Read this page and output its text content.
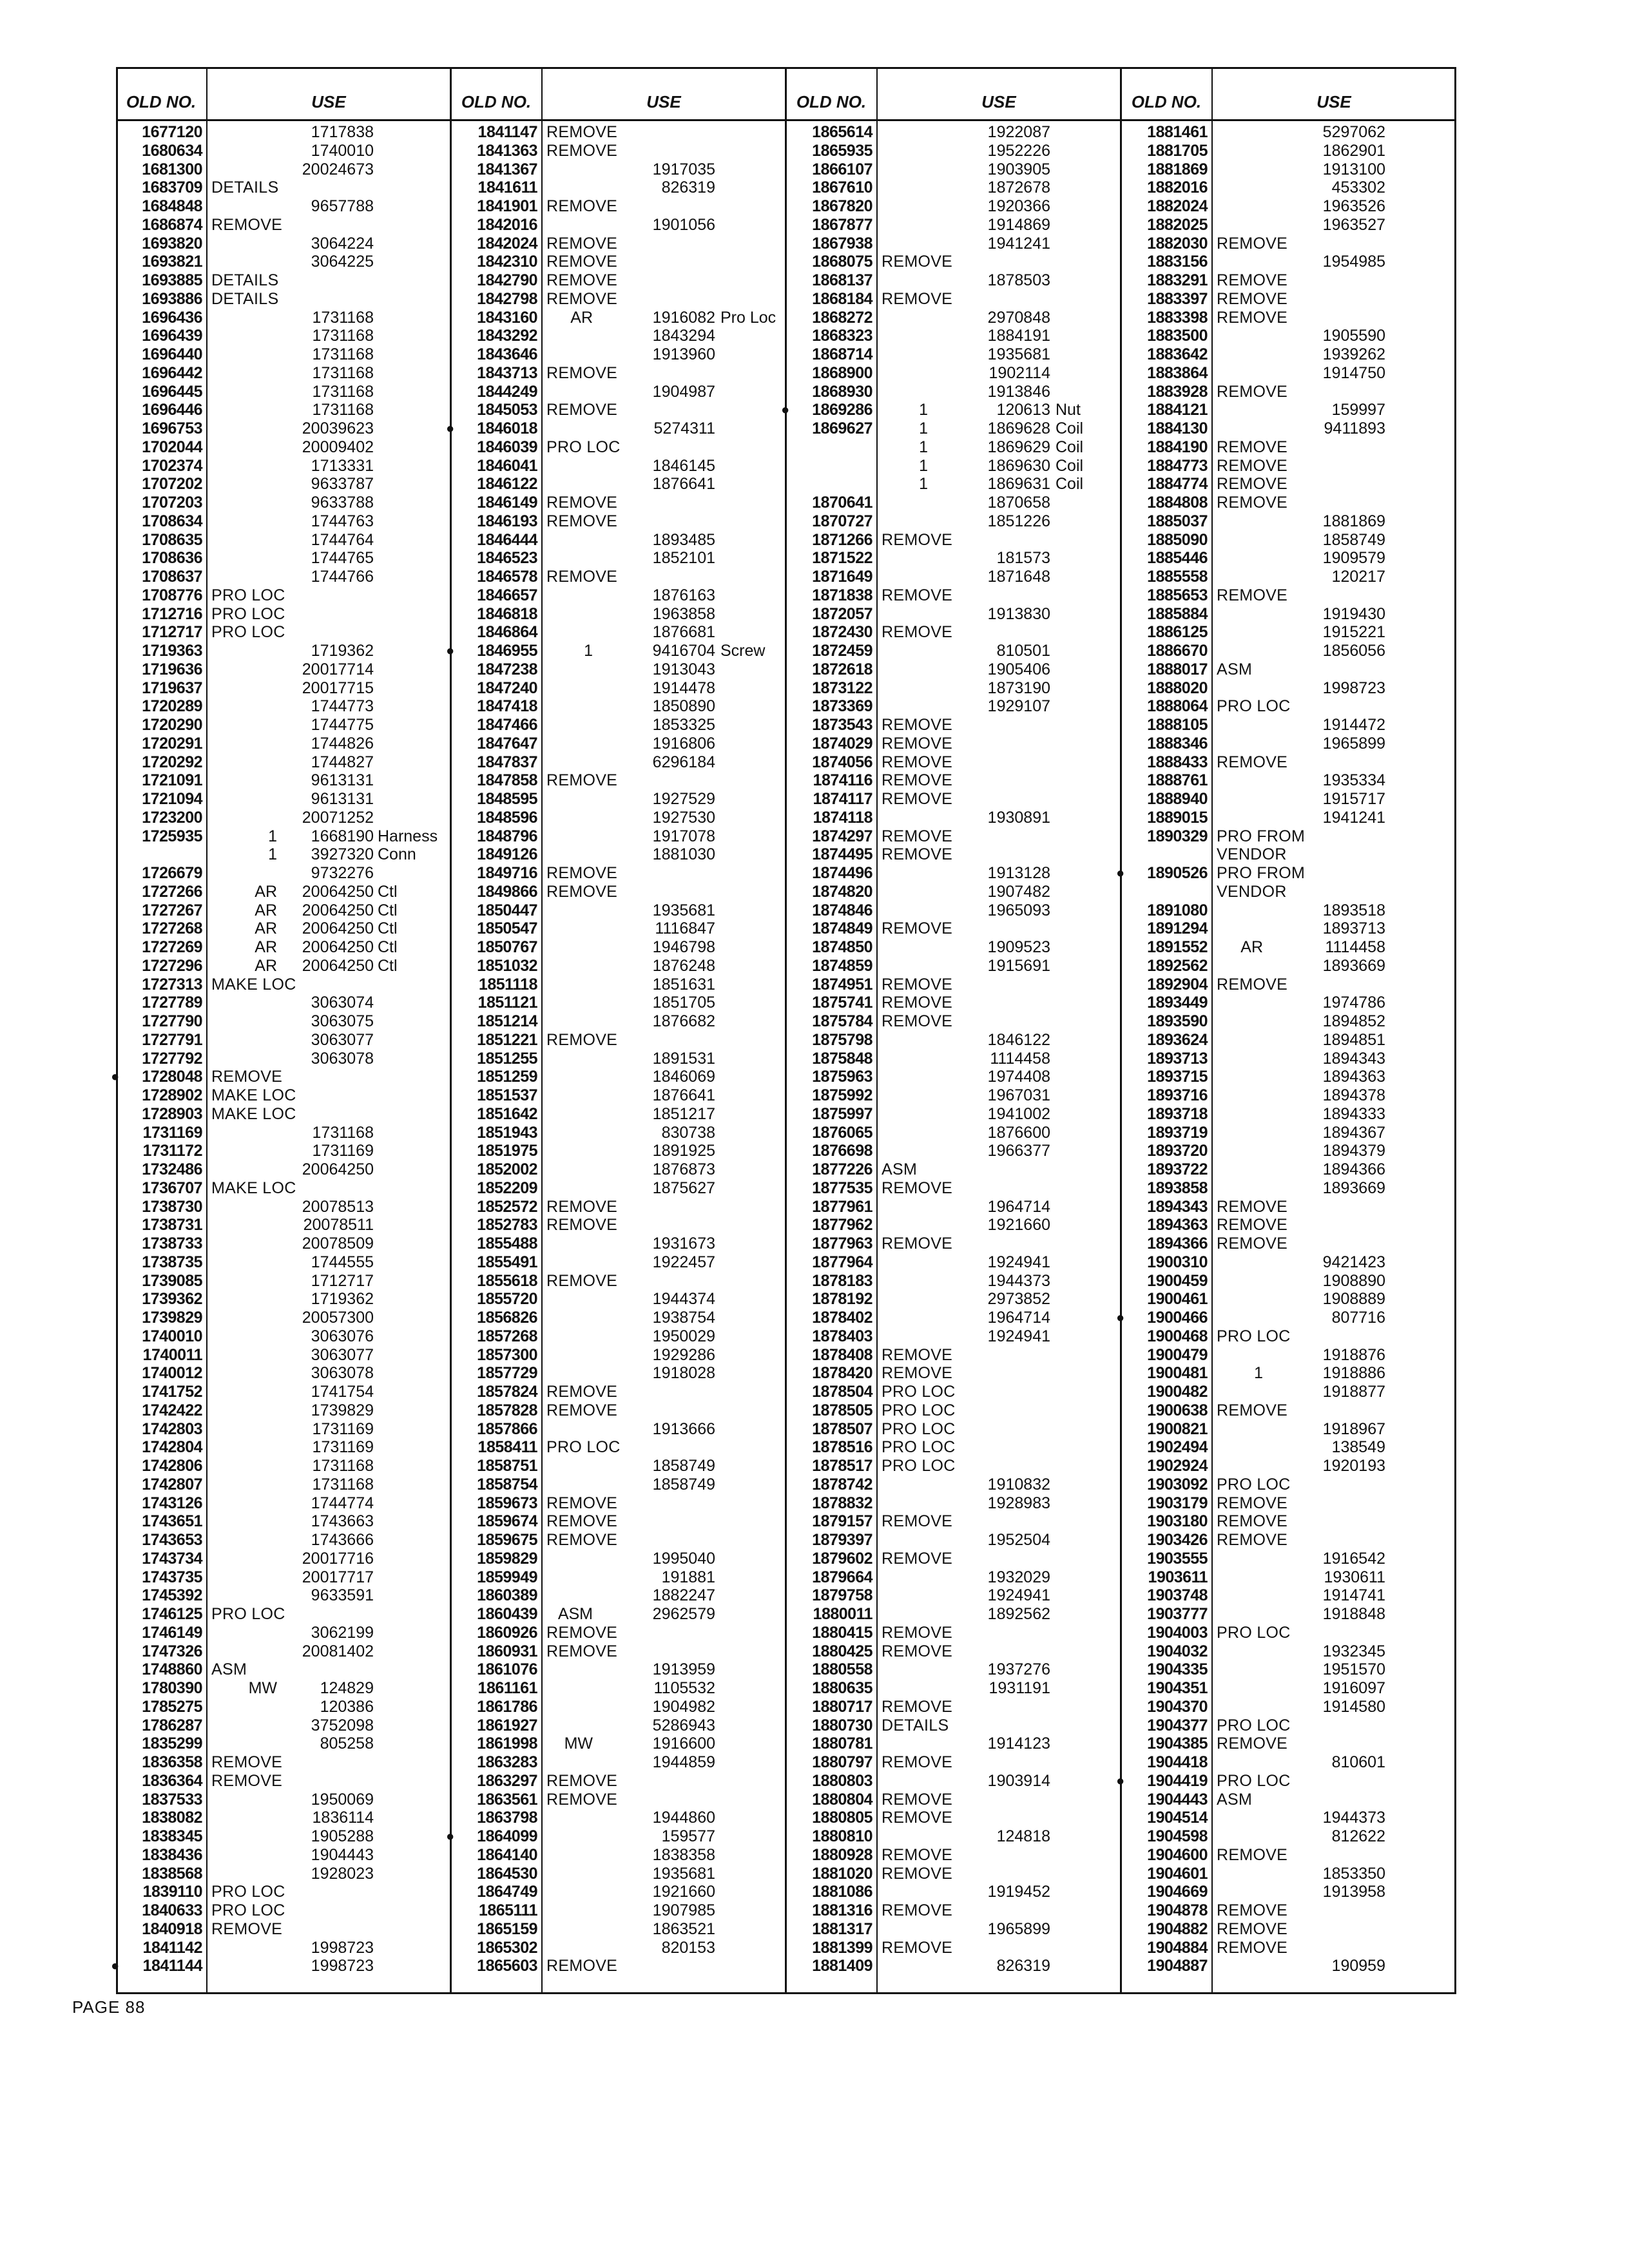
OLD NO.	USE
1677120	1717838
1680634	1740010
1681300	20024673
1683709 DETAILS
1684848	9657788
1686874 REMOVE
1693820	3064224
1693821	3064225
1693885 DETAILS
1693886 DETAILS
1696436	1731168
1696439	1731168
1696440	1731168
1696442	1731168
1696445	1731168
1696446	1731168
1696753	20039623
1702044	20009402
1702374	1713331
1707202	9633787
1707203	9633788
1708634	1744763
1708635	1744764
1708636	1744765
1708637	1744766
1708776 PRO LOC
1712716 PRO LOC
1712717 PRO LOC
1719363	1719362
1719636	20017714
1719637	20017715
1720289	1744773
1720290	1744775
1720291	1744826
1720292	1744827
1721091	9613131
1721094	9613131
1723200	20071252
1725935	1 1668190 Harness
1 3927320 Conn
1726679	9732276
1727266	AR 20064250 Ctl
1727267	AR 20064250 Ctl
1727268	AR 20064250 Ctl
1727269	AR 20064250 Ctl
1727296	AR 20064250 Ctl
1727313 MAKE LOC
1727789	3063074
1727790	3063075
1727791	3063077
1727792	3063078
●	1728048 REMOVE
1728902 MAKE LOC
1728903 MAKE LOC
1731169	1731168
1731172	1731169
1732486	20064250
1736707 MAKE LOC
1738730	20078513
1738731	20078511
1738733	20078509
1738735	1744555
1739085	1712717
1739362	1719362
1739829	20057300
1740010	3063076
1740011	3063077
1740012	3063078
1741752	1741754
1742422	1739829
1742803	1731169
1742804	1731169
1742806	1731168
1742807	1731168
1743126	1744774
1743651	1743663
1743653	1743666
1743734	20017716
1743735	20017717
1745392	9633591
1746125 PRO LOC
1746149	3062199
1747326	20081402
1748860 ASM
1780390	MW	124829
1785275	120386
1786287	3752098
1835299	805258
1836358 REMOVE
1836364 REMOVE
1837533	1950069
1838082	1836114
1838345	1905288
1838436	1904443
1838568	1928023
1839110 PRO LOC
1840633 PRO LOC
1840918 REMOVE
1841142	1998723
●	1841144	1998723
OLD NO.	USE
1841147 REMOVE
1841363 REMOVE
1841367	1917035
1841611	826319
1841901 REMOVE
1842016	1901056
1842024 REMOVE
1842310 REMOVE
1842790 REMOVE
1842798 REMOVE
1843160 AR	1916082 Pro Loc
1843292	1843294
1843646	1913960
1843713 REMOVE
1844249	1904987
1845053 REMOVE
●	1846018	5274311
1846039 PRO LOC
1846041	1846145
1846122	1876641
1846149 REMOVE
1846193 REMOVE
1846444	1893485
1846523	1852101
1846578 REMOVE
1846657	1876163
1846818	1963858
1846864	1876681
●	1846955	1	9416704 Screw
1847238	1913043
1847240	1914478
1847418	1850890
1847466	1853325
1847647	1916806
1847837	6296184
1847858 REMOVE
1848595	1927529
1848596	1927530
1848796	1917078
1849126	1881030
1849716 REMOVE
1849866 REMOVE
1850447	1935681
1850547	1116847
1850767	1946798
1851032	1876248
1851118	1851631
1851121	1851705
1851214	1876682
1851221 REMOVE
1851255	1891531
1851259	1846069
1851537	1876641
1851642	1851217
1851943	830738
1851975	1891925
1852002	1876873
1852209	1875627
1852572 REMOVE
1852783 REMOVE
1855488	1931673
1855491	1922457
1855618 REMOVE
1855720	1944374
1856826	1938754
1857268	1950029
1857300	1929286
1857729	1918028
1857824 REMOVE
1857828 REMOVE
1857866	1913666
1858411 PRO LOC
1858751	1858749
1858754	1858749
1859673 REMOVE
1859674 REMOVE
1859675 REMOVE
1859829	1995040
1859949	191881
1860389	1882247
1860439 ASM	2962579
1860926 REMOVE
1860931 REMOVE
1861076	1913959
1861161	1105532
1861786	1904982
1861927	5286943
1861998 MW	1916600
1863283	1944859
1863297 REMOVE
1863561 REMOVE
1863798	1944860
●	1864099	159577
1864140	1838358
1864530	1935681
1864749	1921660
1865111	1907985
1865159	1863521
1865302	820153
1865603 REMOVE
OLD NO.	USE
1865614	1922087
1865935	1952226
1866107	1903905
1867610	1872678
1867820	1920366
1867877	1914869
1867938	1941241
1868075 REMOVE
1868137	1878503
1868184 REMOVE
1868272	2970848
1868323	1884191
1868714	1935681
1868900	1902114
1868930	1913846
●	1869286	1	120613 Nut
1869627	1	1869628 Coil
1	1869629 Coil
1	1869630 Coil
1	1869631 Coil
1870641	1870658
1870727	1851226
1871266 REMOVE
1871522	181573
1871649	1871648
1871838 REMOVE
1872057	1913830
1872430 REMOVE
1872459	810501
1872618	1905406
1873122	1873190
1873369	1929107
1873543 REMOVE
1874029 REMOVE
1874056 REMOVE
1874116 REMOVE
1874117 REMOVE
1874118	1930891
1874297 REMOVE
1874495 REMOVE
1874496	1913128
1874820	1907482
1874846	1965093
1874849 REMOVE
1874850	1909523
1874859	1915691
1874951 REMOVE
1875741 REMOVE
1875784 REMOVE
1875798	1846122
1875848	1114458
1875963	1974408
1875992	1967031
1875997	1941002
1876065	1876600
1876698	1966377
1877226 ASM
1877535 REMOVE
1877961	1964714
1877962	1921660
1877963 REMOVE
1877964	1924941
1878183	1944373
1878192	2973852
1878402	1964714
1878403	1924941
1878408 REMOVE
1878420 REMOVE
1878504 PRO LOC
1878505 PRO LOC
1878507 PRO LOC
1878516 PRO LOC
1878517 PRO LOC
1878742	1910832
1878832	1928983
1879157 REMOVE
1879397	1952504
1879602 REMOVE
1879664	1932029
1879758	1924941
1880011	1892562
1880415 REMOVE
1880425 REMOVE
1880558	1937276
1880635	1931191
1880717 REMOVE
1880730 DETAILS
1880781	1914123
1880797 REMOVE
1880803	1903914
1880804 REMOVE
1880805 REMOVE
1880810	124818
1880928 REMOVE
1881020 REMOVE
1881086	1919452
1881316 REMOVE
1881317	1965899
1881399 REMOVE
1881409	826319
OLD NO.	USE
1881461	5297062
1881705	1862901
1881869	1913100
1882016	453302
1882024	1963526
1882025	1963527
1882030 REMOVE
1883156	1954985
1883291 REMOVE
1883397 REMOVE
1883398 REMOVE
1883500	1905590
1883642	1939262
1883864	1914750
1883928 REMOVE
1884121	159997
1884130	9411893
1884190 REMOVE
1884773 REMOVE
1884774 REMOVE
1884808 REMOVE
1885037	1881869
1885090	1858749
1885446	1909579
1885558	120217
1885653 REMOVE
1885884	1919430
1886125	1915221
1886670	1856056
1888017 ASM
1888020	1998723
1888064 PRO LOC
1888105	1914472
1888346	1965899
1888433 REMOVE
1888761	1935334
1888940	1915717
1889015	1941241
1890329 PRO FROM
VENDOR
●	1890526 PRO FROM
VENDOR
1891080	1893518
1891294	1893713
1891552 AR	1114458
1892562	1893669
1892904 REMOVE
1893449	1974786
1893590	1894852
1893624	1894851
1893713	1894343
1893715	1894363
1893716	1894378
1893718	1894333
1893719	1894367
1893720	1894379
1893722	1894366
1893858	1893669
1894343 REMOVE
1894363 REMOVE
1894366 REMOVE
1900310	9421423
1900459	1908890
1900461	1908889
●	1900466	807716
1900468 PRO LOC
1900479	1918876
1900481	1	1918886
1900482	1918877
1900638 REMOVE
1900821	1918967
1902494	138549
1902924	1920193
1903092 PRO LOC
1903179 REMOVE
1903180 REMOVE
1903426 REMOVE
1903555	1916542
1903611	1930611
1903748	1914741
1903777	1918848
1904003 PRO LOC
1904032	1932345
1904335	1951570
1904351	1916097
1904370	1914580
1904377 PRO LOC
1904385 REMOVE
1904418	810601
●	1904419 PRO LOC
1904443 ASM
1904514	1944373
1904598	812622
1904600 REMOVE
1904601	1853350
1904669	1913958
1904878 REMOVE
1904882 REMOVE
1904884 REMOVE
1904887	190959
PAGE 88
